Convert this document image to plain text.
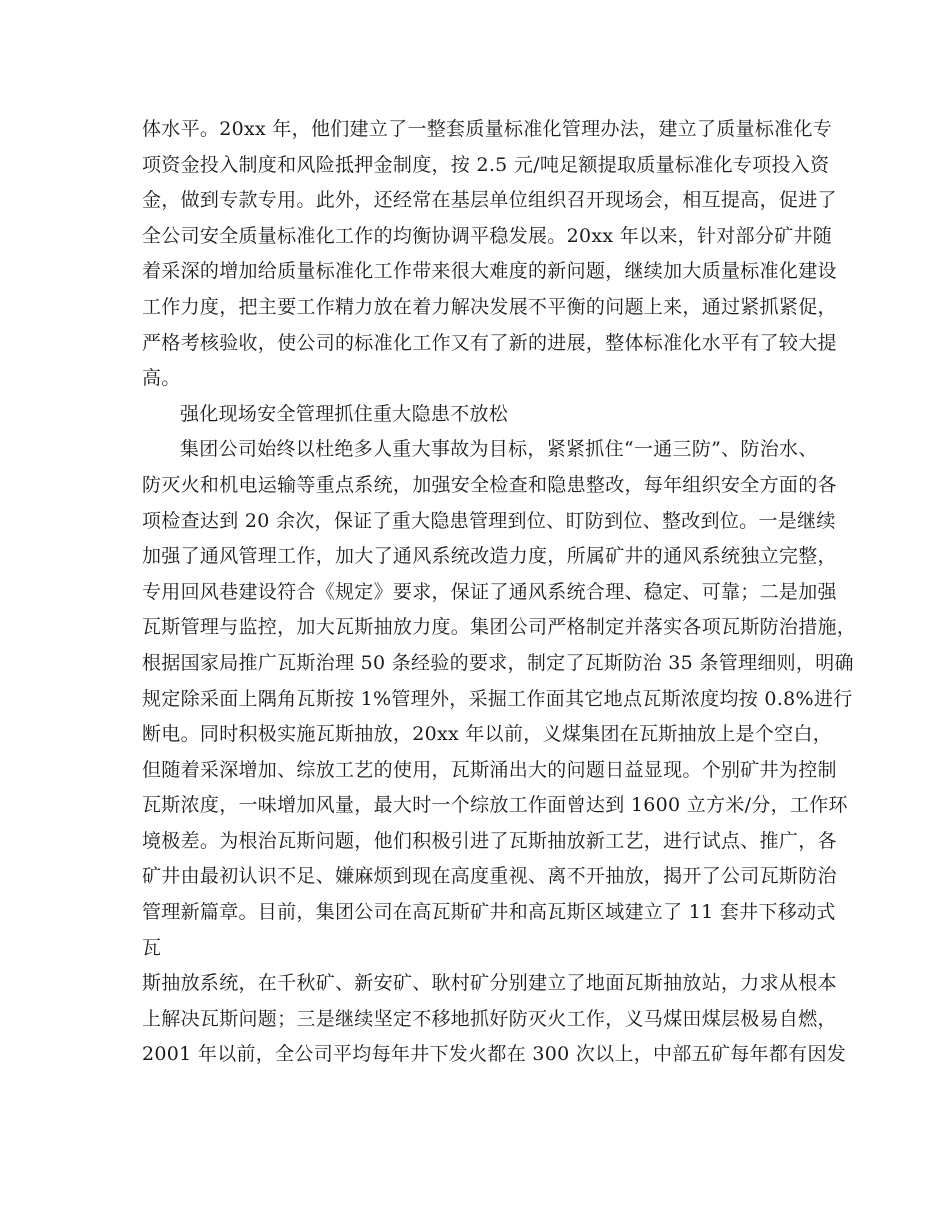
体水平。20xx 年，他们建立了一整套质量标准化管理办法，建立了质量标准化专
项资金投入制度和风险抵押金制度，按 2.5 元/吨足额提取质量标准化专项投入资
金，做到专款专用。此外，还经常在基层单位组织召开现场会，相互提高，促进了
全公司安全质量标准化工作的均衡协调平稳发展。20xx 年以来，针对部分矿井随
着采深的增加给质量标准化工作带来很大难度的新问题，继续加大质量标准化建设
工作力度，把主要工作精力放在着力解决发展不平衡的问题上来，通过紧抓紧促，
严格考核验收，使公司的标准化工作又有了新的进展，整体标准化水平有了较大提
高。
强化现场安全管理抓住重大隐患不放松
集团公司始终以杜绝多人重大事故为目标，紧紧抓住“一通三防”、防治水、
防灭火和机电运输等重点系统，加强安全检查和隐患整改，每年组织安全方面的各
项检查达到 20 余次，保证了重大隐患管理到位、盯防到位、整改到位。一是继续
加强了通风管理工作，加大了通风系统改造力度，所属矿井的通风系统独立完整，
专用回风巷建设符合《规定》要求，保证了通风系统合理、稳定、可靠；二是加强
瓦斯管理与监控，加大瓦斯抽放力度。集团公司严格制定并落实各项瓦斯防治措施，
根据国家局推广瓦斯治理 50 条经验的要求，制定了瓦斯防治 35 条管理细则，明确
规定除采面上隅角瓦斯按 1%管理外，采掘工作面其它地点瓦斯浓度均按 0.8%进行
断电。同时积极实施瓦斯抽放，20xx 年以前，义煤集团在瓦斯抽放上是个空白，
但随着采深增加、综放工艺的使用，瓦斯涌出大的问题日益显现。个别矿井为控制
瓦斯浓度，一味增加风量，最大时一个综放工作面曾达到 1600 立方米/分，工作环
境极差。为根治瓦斯问题，他们积极引进了瓦斯抽放新工艺，进行试点、推广，各
矿井由最初认识不足、嫌麻烦到现在高度重视、离不开抽放，揭开了公司瓦斯防治
管理新篇章。目前，集团公司在高瓦斯矿井和高瓦斯区域建立了 11 套井下移动式
瓦
斯抽放系统，在千秋矿、新安矿、耿村矿分别建立了地面瓦斯抽放站，力求从根本
上解决瓦斯问题；三是继续坚定不移地抓好防灭火工作，义马煤田煤层极易自燃，
2001 年以前，全公司平均每年井下发火都在 300 次以上，中部五矿每年都有因发
